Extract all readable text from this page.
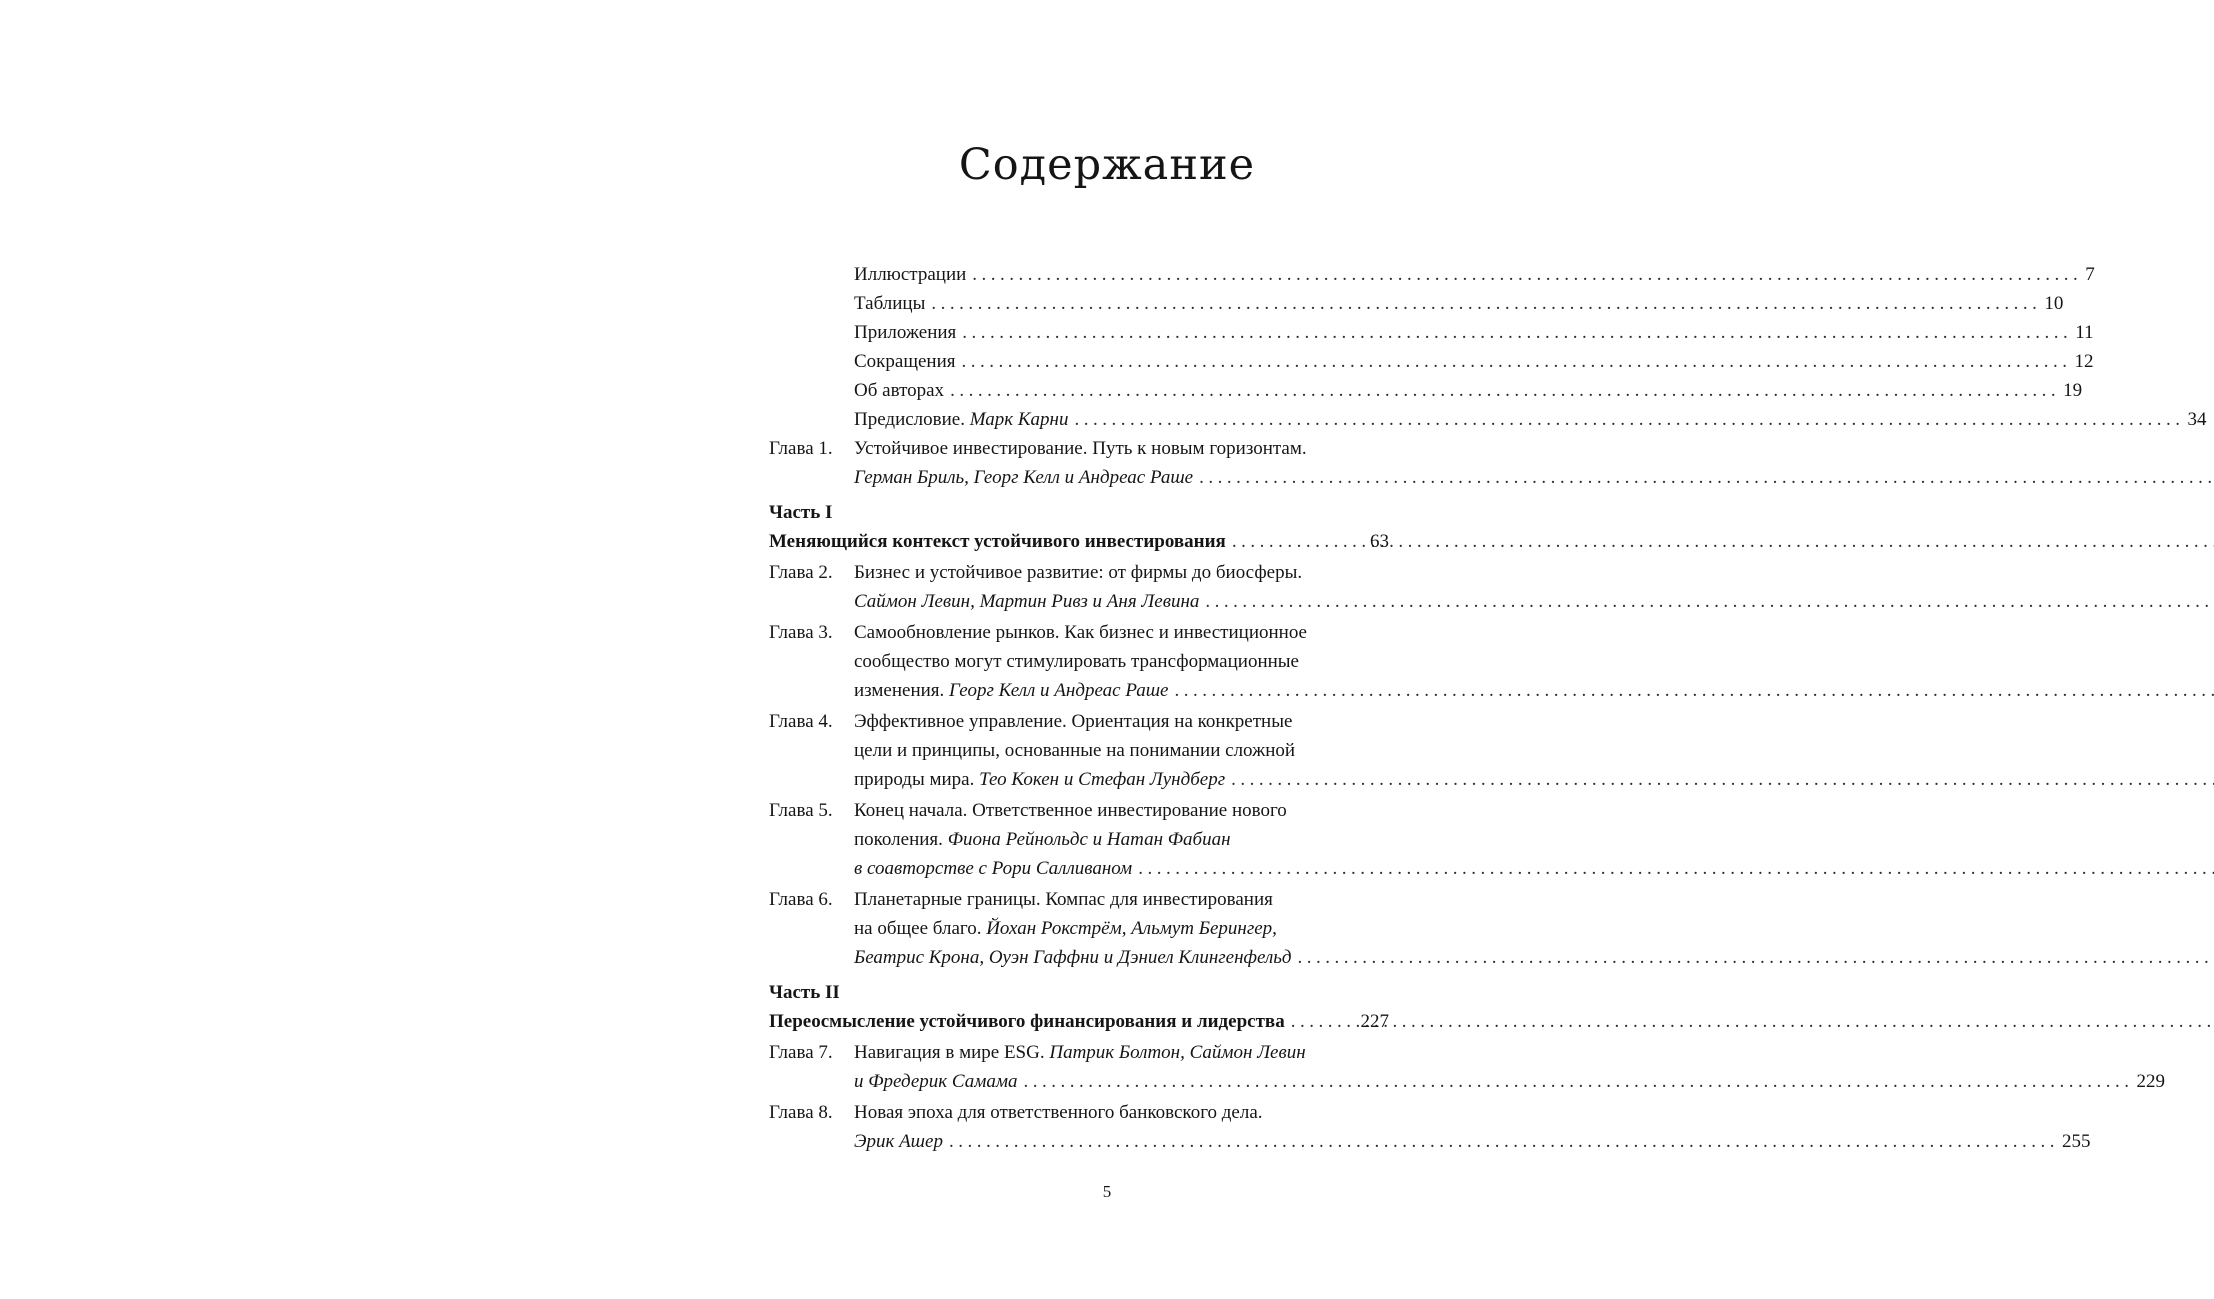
Содержание
Иллюстрации .....	7
Таблицы .....	10
Приложения .....	11
Сокращения .....	12
Об авторах .....	19
Предисловие. Марк Карни .....	34
Глава 1.	Устойчивое инвестирование. Путь к новым горизонтам.
Герман Бриль, Георг Келл и Андреас Раше
.....
Часть I
Меняющийся контекст устойчивого инвестирования .....	63
Глава 2.	Бизнес и устойчивое развитие: от фирмы до биосферы.
Саймон Левин, Мартин Ривз и Аня Левина
.....
Глава 3.	Самообновление рынков. Как бизнес и инвестиционное
сообщество могут стимулировать трансформационные
изменения. Георг Келл и Андреас Раше
.....
Глава 4.	Эффективное управление. Ориентация на конкретные
цели и принципы, основанные на понимании сложной
природы мира. Тео Кокен и Стефан Лундберг
.....
Глава 5.	Конец начала. Ответственное инвестирование нового
поколения. Фиона Рейнольдс и Натан Фабиан
в соавторстве с Рори Салливаном
.....
Глава 6.	Планетарные границы. Компас для инвестирования
на общее благо. Йохан Рокстрём, Альмут Берингер,
Беатрис Крона, Оуэн Гаффни и Дэниел Клингенфельд
.....
Часть II
Переосмысление устойчивого финансирования и лидерства .....	227
Глава 7.	Навигация в мире ESG. Патрик Болтон, Саймон Левин
и Фредерик Самама .....	229
Глава 8.	Новая эпоха для ответственного банковского дела.
Эрик Ашер .....	255
5
